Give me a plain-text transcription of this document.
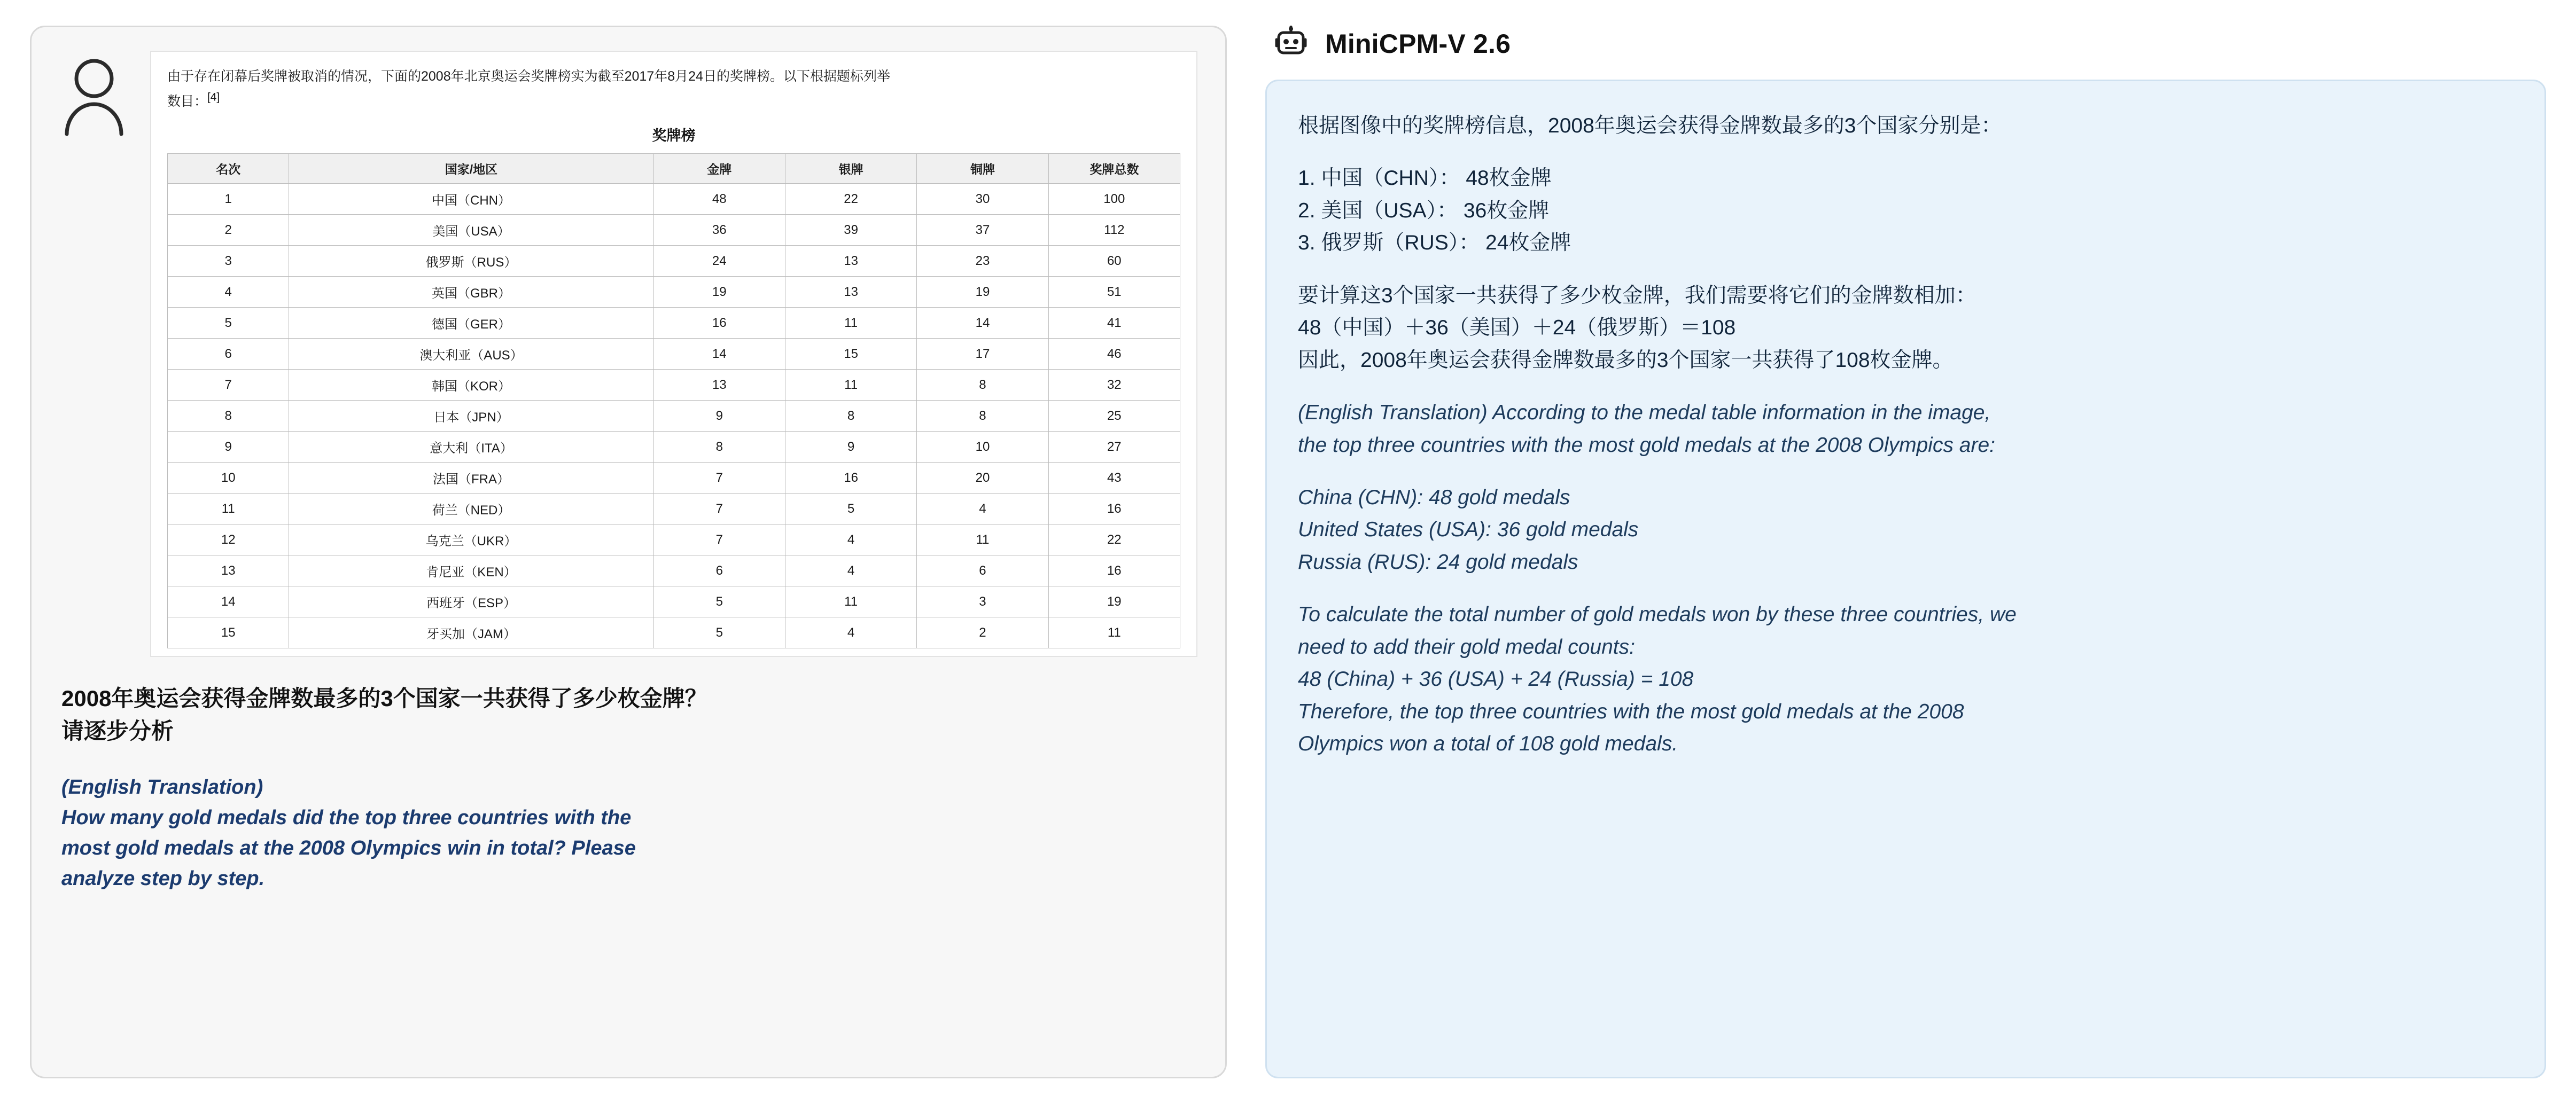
由于存在闭幕后奖牌被取消的情况，下面的2008年北京奥运会奖牌榜实为截至2017年8月24日的奖牌榜。以下根据题标列举

数目：[4]

奖牌榜
名次	国家/地区	金牌	银牌	铜牌	奖牌总数
1	中国（CHN）	48	22	30	100
2	美国（USA）	36	39	37	112
3	俄罗斯（RUS）	24	13	23	60
4	英国（GBR）	19	13	19	51
5	德国（GER）	16	11	14	41
6	澳大利亚（AUS）	14	15	17	46
7	韩国（KOR）	13	11	8	32
8	日本（JPN）	9	8	8	25
9	意大利（ITA）	8	9	10	27
10	法国（FRA）	7	16	20	43
11	荷兰（NED）	7	5	4	16
12	乌克兰（UKR）	7	4	11	22
13	肯尼亚（KEN）	6	4	6	16
14	西班牙（ESP）	5	11	3	19
15	牙买加（JAM）	5	4	2	11

2008年奥运会获得金牌数最多的3个国家一共获得了多少枚金牌？

请逐步分析

(English Translation)
How many gold medals did the top three countries with the
most gold medals at the 2008 Olympics win in total? Please
analyze step by step.
MiniCPM-V 2.6

根据图像中的奖牌榜信息，2008年奥运会获得金牌数最多的3个国家分别是：

1. 中国（CHN）： 48枚金牌

2. 美国（USA）： 36枚金牌

3. 俄罗斯（RUS）： 24枚金牌

要计算这3个国家一共获得了多少枚金牌，我们需要将它们的金牌数相加：

48（中国）＋36（美国）＋24（俄罗斯）＝108

因此，2008年奥运会获得金牌数最多的3个国家一共获得了108枚金牌。

(English Translation) According to the medal table information in the image,

the top three countries with the most gold medals at the 2008 Olympics are:

China (CHN): 48 gold medals

United States (USA): 36 gold medals

Russia (RUS): 24 gold medals

To calculate the total number of gold medals won by these three countries, we

need to add their gold medal counts:

48 (China) + 36 (USA) + 24 (Russia) = 108

Therefore, the top three countries with the most gold medals at the 2008

Olympics won a total of 108 gold medals.
